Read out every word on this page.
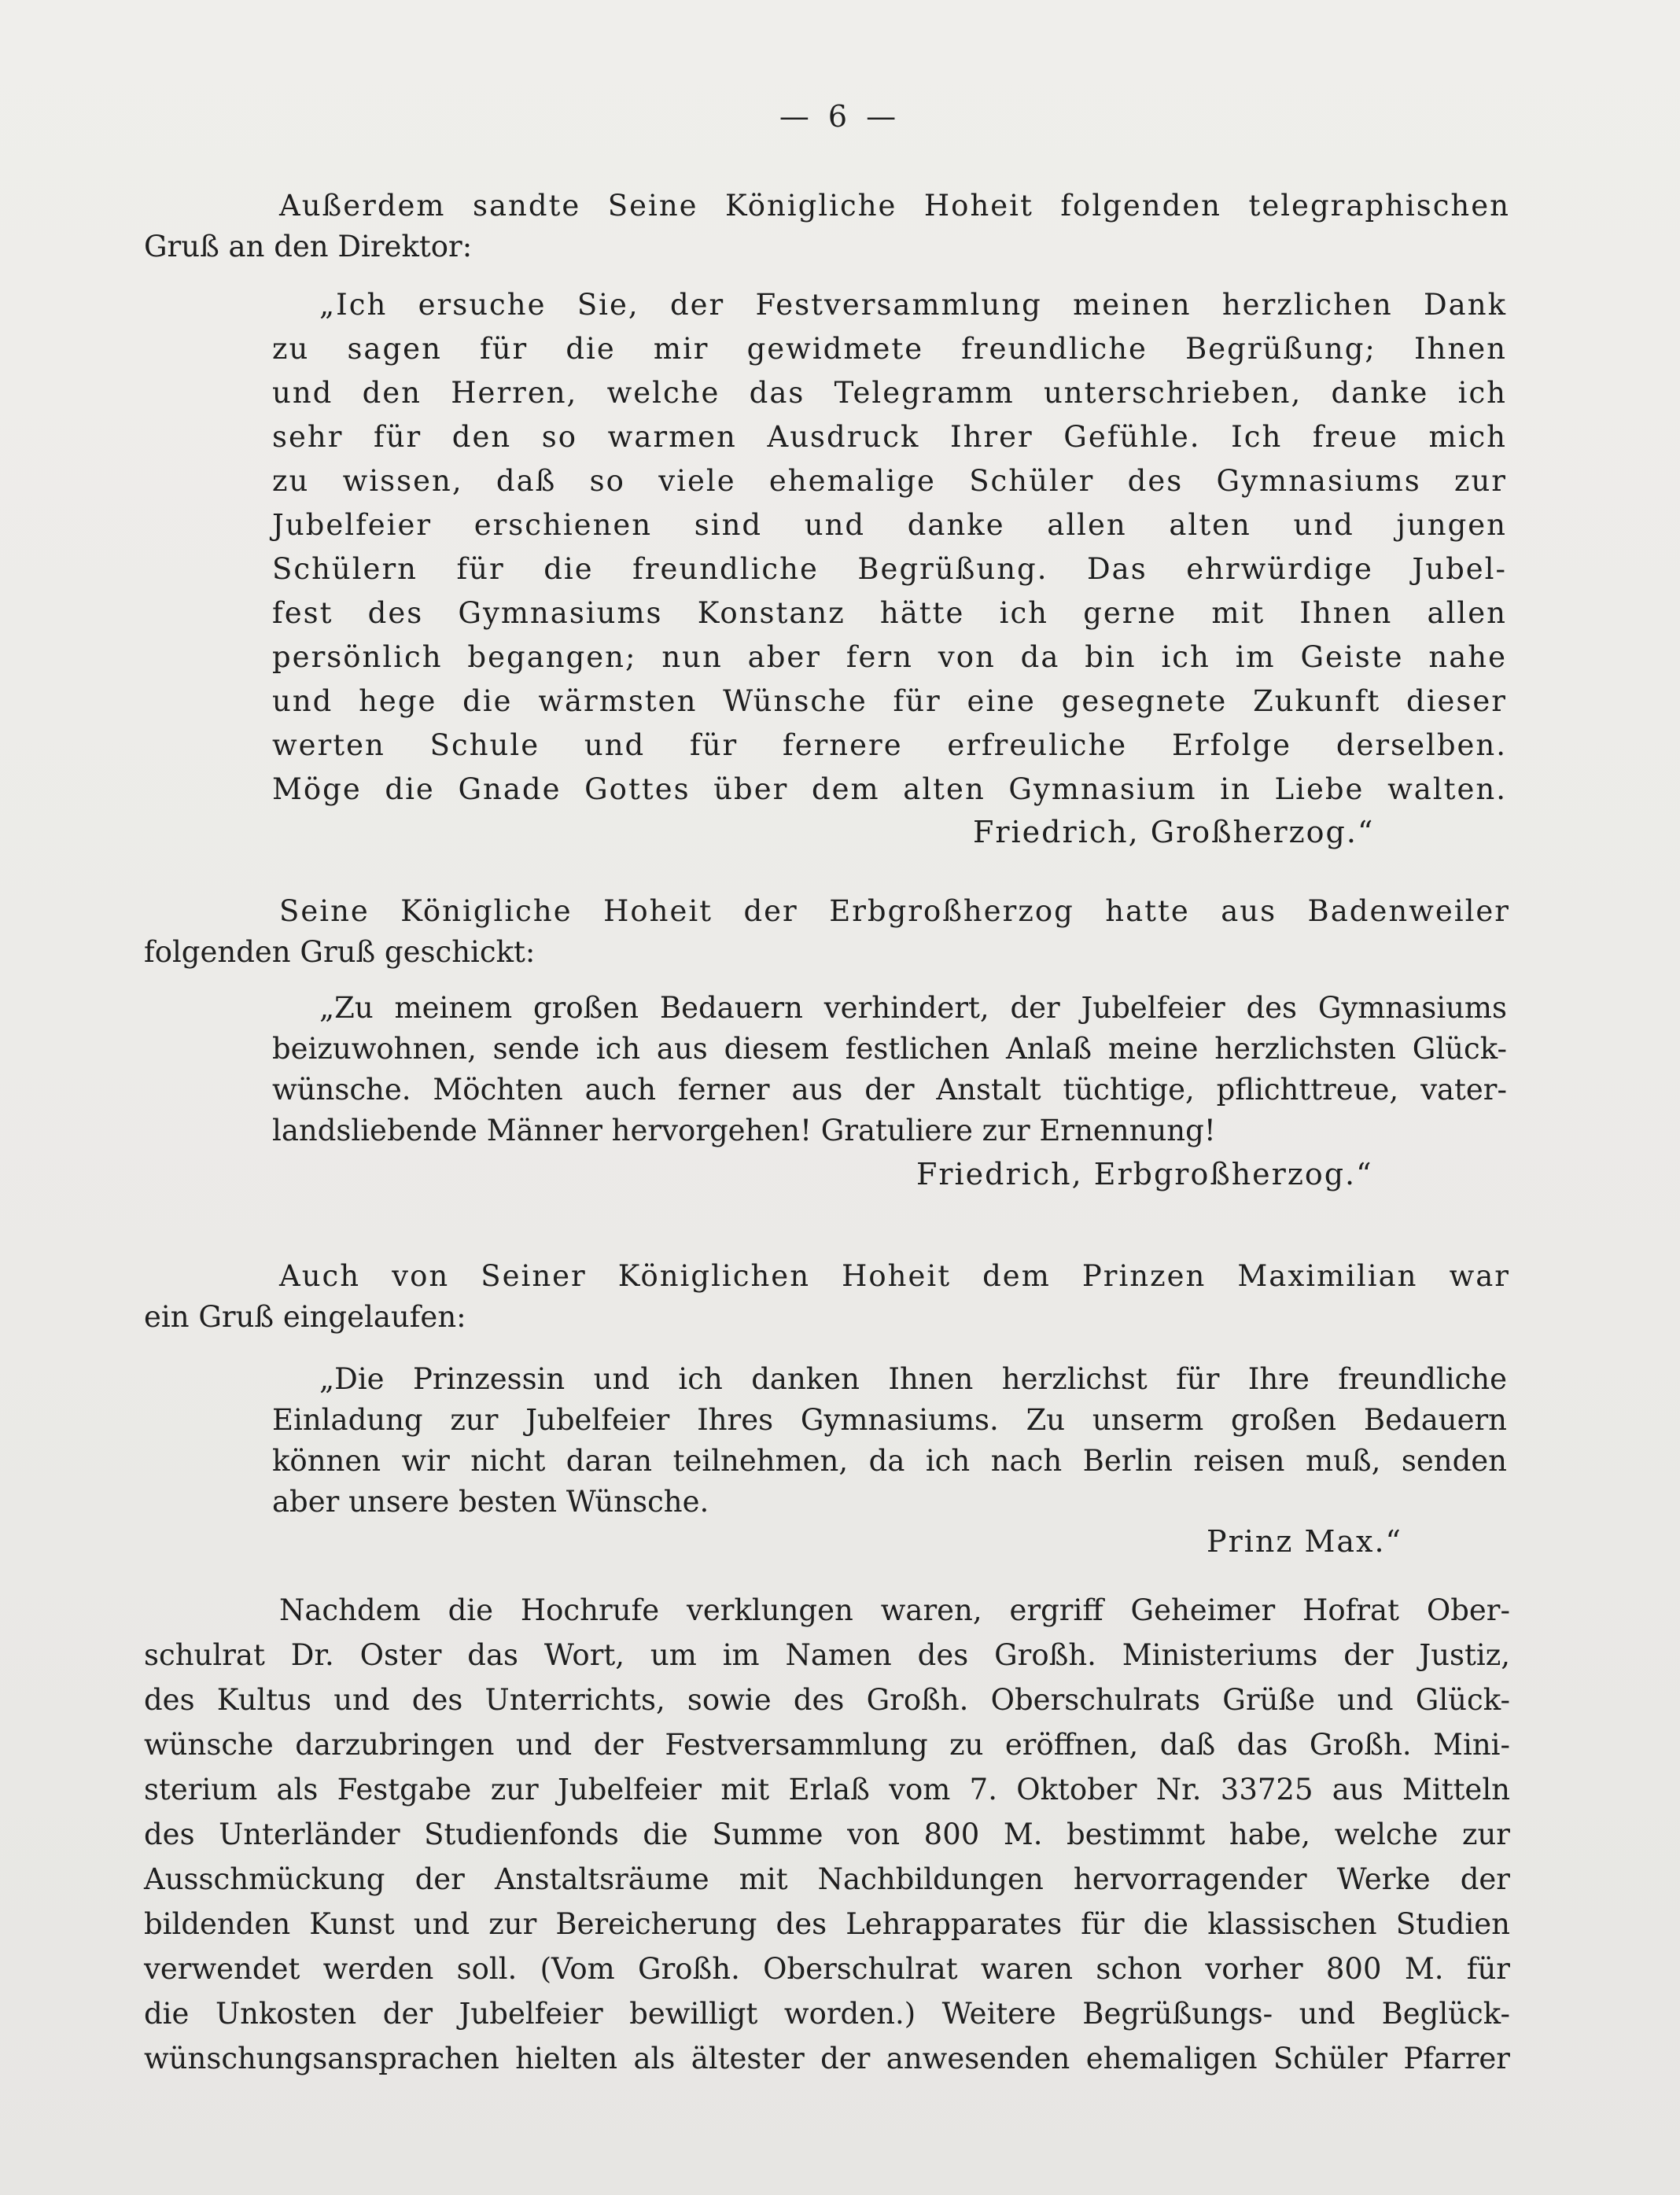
— 6 —
Außerdem sandte Seine Königliche Hoheit folgenden telegraphischen
Gruß an den Direktor:
„Ich ersuche Sie, der Festversammlung meinen herzlichen Dank
zu sagen für die mir gewidmete freundliche Begrüßung; Ihnen
und den Herren, welche das Telegramm unterschrieben, danke ich
sehr für den so warmen Ausdruck Ihrer Gefühle. Ich freue mich
zu wissen, daß so viele ehemalige Schüler des Gymnasiums zur
Jubelfeier erschienen sind und danke allen alten und jungen
Schülern für die freundliche Begrüßung. Das ehrwürdige Jubel-
fest des Gymnasiums Konstanz hätte ich gerne mit Ihnen allen
persönlich begangen; nun aber fern von da bin ich im Geiste nahe
und hege die wärmsten Wünsche für eine gesegnete Zukunft dieser
werten Schule und für fernere erfreuliche Erfolge derselben.
Möge die Gnade Gottes über dem alten Gymnasium in Liebe walten.
Friedrich, Großherzog.“
Seine Königliche Hoheit der Erbgroßherzog hatte aus Badenweiler
folgenden Gruß geschickt:
„Zu meinem großen Bedauern verhindert, der Jubelfeier des Gymnasiums
beizuwohnen, sende ich aus diesem festlichen Anlaß meine herzlichsten Glück-
wünsche. Möchten auch ferner aus der Anstalt tüchtige, pflichttreue, vater-
landsliebende Männer hervorgehen! Gratuliere zur Ernennung!
Friedrich, Erbgroßherzog.“
Auch von Seiner Königlichen Hoheit dem Prinzen Maximilian war
ein Gruß eingelaufen:
„Die Prinzessin und ich danken Ihnen herzlichst für Ihre freundliche
Einladung zur Jubelfeier Ihres Gymnasiums. Zu unserm großen Bedauern
können wir nicht daran teilnehmen, da ich nach Berlin reisen muß, senden
aber unsere besten Wünsche.
Prinz Max.“
Nachdem die Hochrufe verklungen waren, ergriff Geheimer Hofrat Ober-
schulrat Dr. Oster das Wort, um im Namen des Großh. Ministeriums der Justiz,
des Kultus und des Unterrichts, sowie des Großh. Oberschulrats Grüße und Glück-
wünsche darzubringen und der Festversammlung zu eröffnen, daß das Großh. Mini-
sterium als Festgabe zur Jubelfeier mit Erlaß vom 7. Oktober Nr. 33725 aus Mitteln
des Unterländer Studienfonds die Summe von 800 M. bestimmt habe, welche zur
Ausschmückung der Anstaltsräume mit Nachbildungen hervorragender Werke der
bildenden Kunst und zur Bereicherung des Lehrapparates für die klassischen Studien
verwendet werden soll. (Vom Großh. Oberschulrat waren schon vorher 800 M. für
die Unkosten der Jubelfeier bewilligt worden.) Weitere Begrüßungs- und Beglück-
wünschungsansprachen hielten als ältester der anwesenden ehemaligen Schüler Pfarrer
